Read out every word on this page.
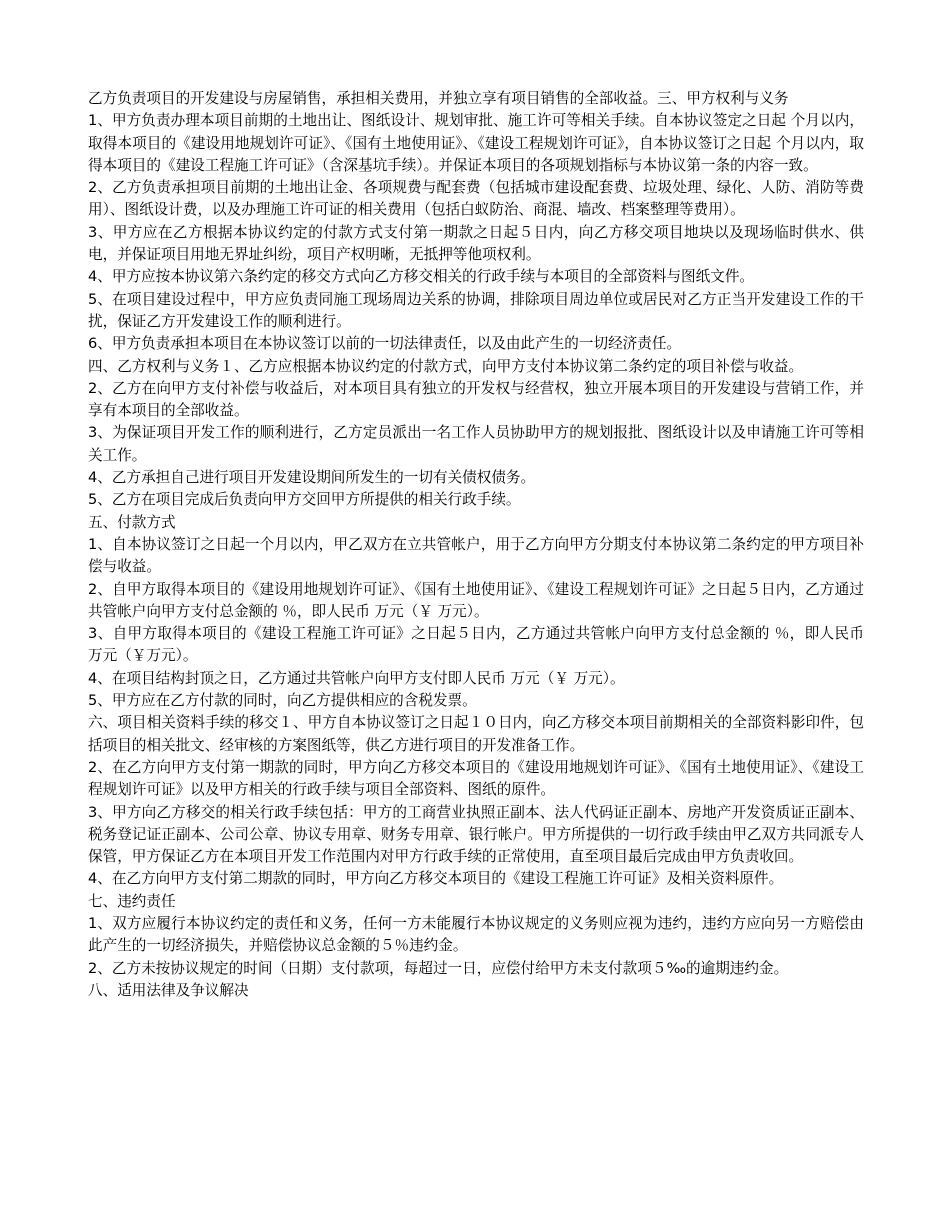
乙方负责项目的开发建设与房屋销售，承担相关费用，并独立享有项目销售的全部收益。三、甲方权利与义务

1、甲方负责办理本项目前期的土地出让、图纸设计、规划审批、施工许可等相关手续。自本协议签定之日起 个月以内，取得本项目的《建设用地规划许可证》、《国有土地使用证》、《建设工程规划许可证》，自本协议签订之日起 个月以内，取得本项目的《建设工程施工许可证》（含深基坑手续）。并保证本项目的各项规划指标与本协议第一条的内容一致。

2、乙方负责承担项目前期的土地出让金、各项规费与配套费（包括城市建设配套费、垃圾处理、绿化、人防、消防等费用）、图纸设计费，以及办理施工许可证的相关费用（包括白蚁防治、商混、墙改、档案整理等费用）。

3、甲方应在乙方根据本协议约定的付款方式支付第一期款之日起５日内，向乙方移交项目地块以及现场临时供水、供电，并保证项目用地无界址纠纷，项目产权明晰，无抵押等他项权利。

4、甲方应按本协议第六条约定的移交方式向乙方移交相关的行政手续与本项目的全部资料与图纸文件。

5、在项目建设过程中，甲方应负责同施工现场周边关系的协调，排除项目周边单位或居民对乙方正当开发建设工作的干扰，保证乙方开发建设工作的顺利进行。

6、甲方负责承担本项目在本协议签订以前的一切法律责任，以及由此产生的一切经济责任。

四、乙方权利与义务１、乙方应根据本协议约定的付款方式，向甲方支付本协议第二条约定的项目补偿与收益。

2、乙方在向甲方支付补偿与收益后，对本项目具有独立的开发权与经营权，独立开展本项目的开发建设与营销工作，并享有本项目的全部收益。

3、为保证项目开发工作的顺利进行，乙方定员派出一名工作人员协助甲方的规划报批、图纸设计以及申请施工许可等相关工作。

4、乙方承担自己进行项目开发建设期间所发生的一切有关债权债务。

5、乙方在项目完成后负责向甲方交回甲方所提供的相关行政手续。

五、付款方式

1、自本协议签订之日起一个月以内，甲乙双方在立共管帐户，用于乙方向甲方分期支付本协议第二条约定的甲方项目补偿与收益。

2、自甲方取得本项目的《建设用地规划许可证》、《国有土地使用证》、《建设工程规划许可证》之日起５日内，乙方通过共管帐户向甲方支付总金额的 ％，即人民币 万元（￥ 万元）。

3、自甲方取得本项目的《建设工程施工许可证》之日起５日内，乙方通过共管帐户向甲方支付总金额的 ％，即人民币 万元（￥万元）。

4、在项目结构封顶之日，乙方通过共管帐户向甲方支付即人民币 万元（￥ 万元）。

5、甲方应在乙方付款的同时，向乙方提供相应的含税发票。

六、项目相关资料手续的移交１、甲方自本协议签订之日起１０日内，向乙方移交本项目前期相关的全部资料影印件，包括项目的相关批文、经审核的方案图纸等，供乙方进行项目的开发准备工作。

2、在乙方向甲方支付第一期款的同时，甲方向乙方移交本项目的《建设用地规划许可证》、《国有土地使用证》、《建设工程规划许可证》以及甲方相关的行政手续与项目全部资料、图纸的原件。

3、甲方向乙方移交的相关行政手续包括：甲方的工商营业执照正副本、法人代码证正副本、房地产开发资质证正副本、税务登记证正副本、公司公章、协议专用章、财务专用章、银行帐户。甲方所提供的一切行政手续由甲乙双方共同派专人保管，甲方保证乙方在本项目开发工作范围内对甲方行政手续的正常使用，直至项目最后完成由甲方负责收回。

4、在乙方向甲方支付第二期款的同时，甲方向乙方移交本项目的《建设工程施工许可证》及相关资料原件。

七、违约责任

1、双方应履行本协议约定的责任和义务，任何一方未能履行本协议规定的义务则应视为违约，违约方应向另一方赔偿由此产生的一切经济损失，并赔偿协议总金额的５％违约金。

2、乙方未按协议规定的时间（日期）支付款项，每超过一日，应偿付给甲方未支付款项５‰的逾期违约金。

八、适用法律及争议解决
